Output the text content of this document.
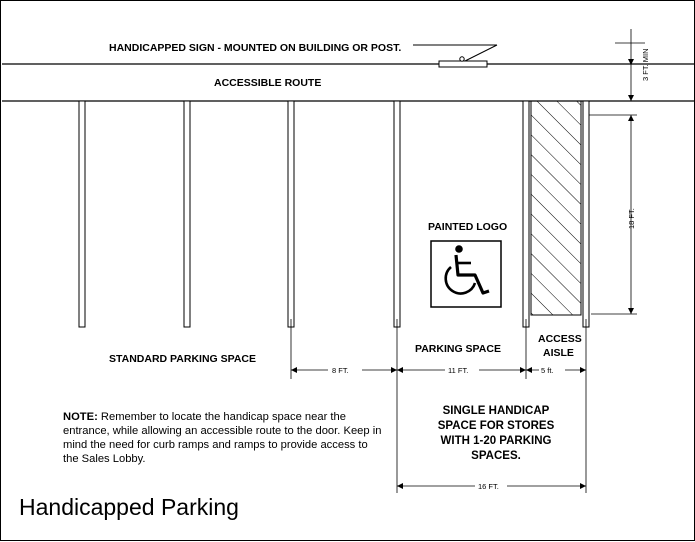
HANDICAPPED SIGN - MOUNTED ON BUILDING OR POST.
ACCESSIBLE ROUTE
PAINTED LOGO	18 FT.
3 FT. MIN
STANDARD PARKING SPACE
PARKING SPACE
ACCESS
AISLE
8 FT.	11 FT.	5 ft.
16 FT.
SINGLE HANDICAP
SPACE FOR STORES
WITH 1-20 PARKING
SPACES.
NOTE: Remember to locate the handicap space near the entrance, while allowing an accessible route to the door. Keep in mind the need for curb ramps and ramps to provide access to the Sales Lobby.
Handicapped Parking
